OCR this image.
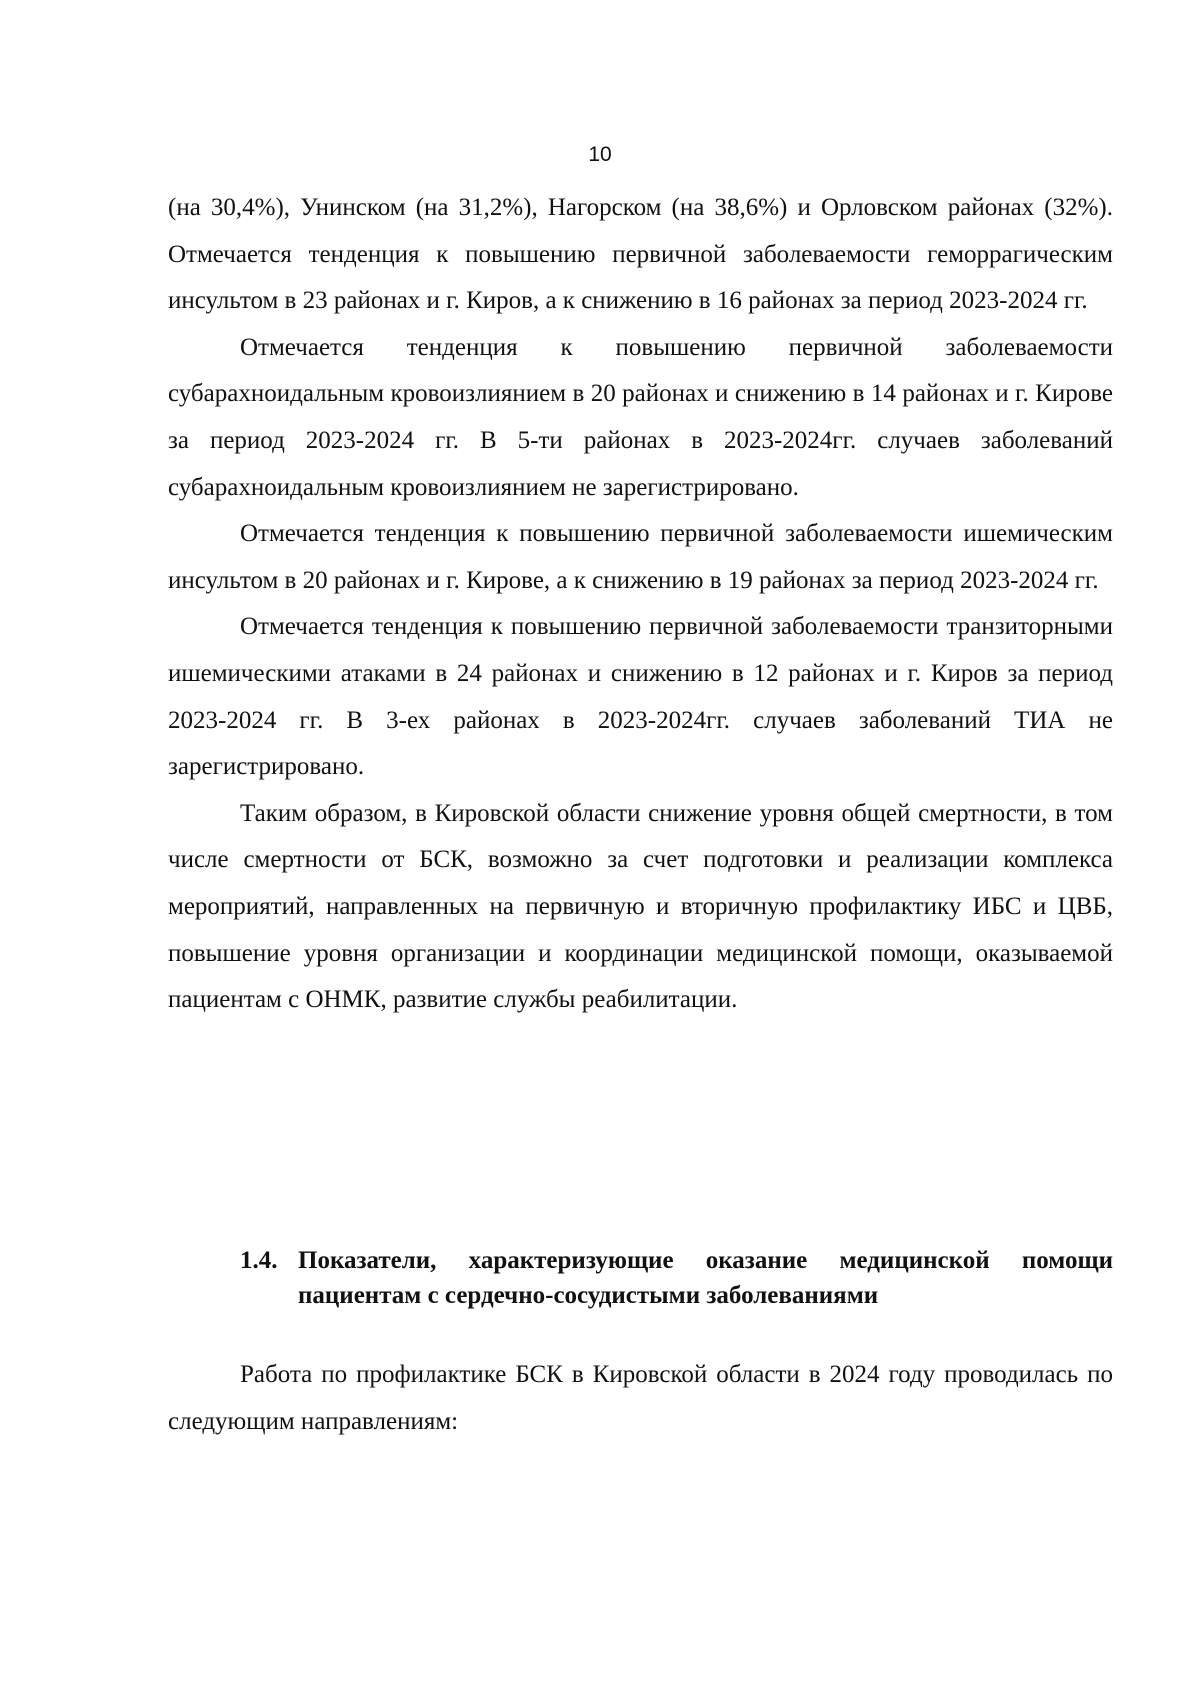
10

(на 30,4%), Унинском (на 31,2%), Нагорском (на 38,6%) и Орловском районах (32%). Отмечается тенденция к повышению первичной заболеваемости геморрагическим инсультом в 23 районах и г. Киров, а к снижению в 16 районах за период 2023-2024 гг.

Отмечается тенденция к повышению первичной заболеваемости субарахноидальным кровоизлиянием в 20 районах и снижению в 14 районах и г. Кирове за период 2023-2024 гг. В 5-ти районах в 2023-2024гг. случаев заболеваний субарахноидальным кровоизлиянием не зарегистрировано.

Отмечается тенденция к повышению первичной заболеваемости ишемическим инсультом в 20 районах и г. Кирове, а к снижению в 19 районах за период 2023-2024 гг.

Отмечается тенденция к повышению первичной заболеваемости транзиторными ишемическими атаками в 24 районах и снижению в 12 районах и г. Киров за период 2023-2024 гг. В 3-ех районах в 2023-2024гг. случаев заболеваний ТИА не зарегистрировано.

Таким образом, в Кировской области снижение уровня общей смертности, в том числе смертности от БСК, возможно за счет подготовки и реализации комплекса мероприятий, направленных на первичную и вторичную профилактику ИБС и ЦВБ, повышение уровня организации и координации медицинской помощи, оказываемой пациентам с ОНМК, развитие службы реабилитации.

1.4. Показатели, характеризующие оказание медицинской помощи пациентам с сердечно-сосудистыми заболеваниями

Работа по профилактике БСК в Кировской области в 2024 году проводилась по следующим направлениям:
